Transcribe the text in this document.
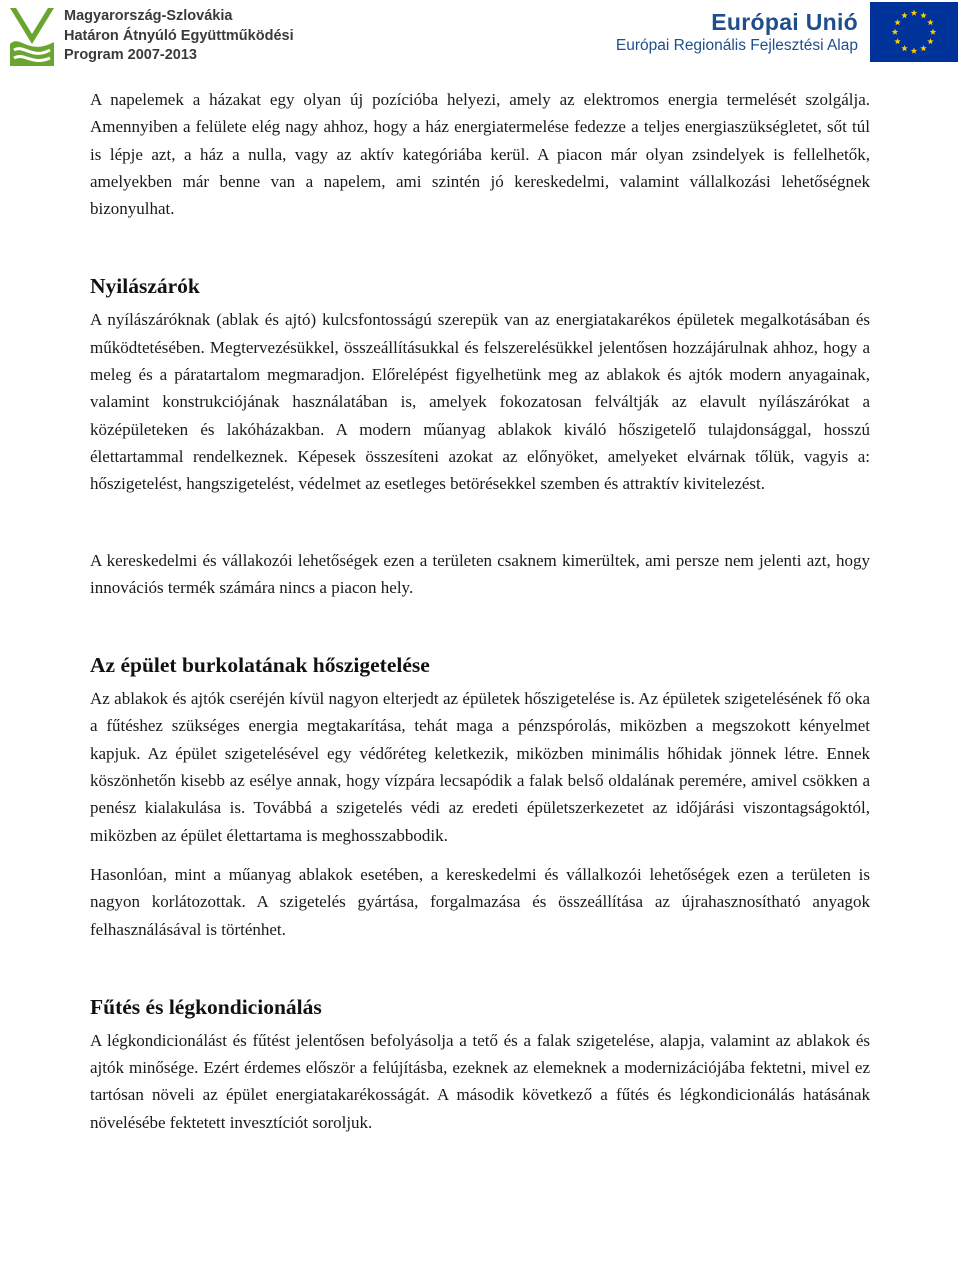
Magyarország-Szlovákia
Határon Átnyúló Együttműködési
Program 2007-2013
Európai Unió
Európai Regionális Fejlesztési Alap

A napelemek a házakat egy olyan új pozícióba helyezi, amely az elektromos energia termelését szolgálja. Amennyiben a felülete elég nagy ahhoz, hogy a ház energiatermelése fedezze a teljes energiaszükségletet, sőt túl is lépje azt, a ház a nulla, vagy az aktív kategóriába kerül. A piacon már olyan zsindelyek is fellelhetők, amelyekben már benne van a napelem, ami szintén jó kereskedelmi, valamint vállalkozási lehetőségnek bizonyulhat.

Nyilászárók

A nyílászáróknak (ablak és ajtó) kulcsfontosságú szerepük van az energiatakarékos épületek megalkotásában és működtetésében. Megtervezésükkel, összeállításukkal és felszerelésükkel jelentősen hozzájárulnak ahhoz, hogy a meleg és a páratartalom megmaradjon. Előrelépést figyelhetünk meg az ablakok és ajtók modern anyagainak, valamint konstrukciójának használatában is, amelyek fokozatosan felváltják az elavult nyílászárókat a középületeken és lakóházakban. A modern műanyag ablakok kiváló hőszigetelő tulajdonsággal, hosszú élettartammal rendelkeznek. Képesek összesíteni azokat az előnyöket, amelyeket elvárnak tőlük, vagyis a: hőszigetelést, hangszigetelést, védelmet az esetleges betörésekkel szemben és attraktív kivitelezést.

A kereskedelmi és vállakozói lehetőségek ezen a területen csaknem kimerültek, ami persze nem jelenti azt, hogy innovációs termék számára nincs a piacon hely.

Az épület burkolatának hőszigetelése

Az ablakok és ajtók cseréjén kívül nagyon elterjedt az épületek hőszigetelése is. Az épületek szigetelésének fő oka a fűtéshez szükséges energia megtakarítása, tehát maga a pénzspórolás, miközben a megszokott kényelmet kapjuk. Az épület szigetelésével egy védőréteg keletkezik, miközben minimális hőhidak jönnek létre. Ennek köszönhetőn kisebb az esélye annak, hogy vízpára lecsapódik a falak belső oldalának peremére, amivel csökken a penész kialakulása is. Továbbá a szigetelés védi az eredeti épületszerkezetet az időjárási viszontagságoktól, miközben az épület élettartama is meghosszabbodik.

Hasonlóan, mint a műanyag ablakok esetében, a kereskedelmi és vállalkozói lehetőségek ezen a területen is nagyon korlátozottak. A szigetelés gyártása, forgalmazása és összeállítása az újrahasznosítható anyagok felhasználásával is történhet.

Fűtés és légkondicionálás

A légkondicionálást és fűtést jelentősen befolyásolja a tető és a falak szigetelése, alapja, valamint az ablakok és ajtók minősége. Ezért érdemes először a felújításba, ezeknek az elemeknek a modernizációjába fektetni, mivel ez tartósan növeli az épület energiatakarékosságát. A második következő a fűtés és légkondicionálás hatásának növelésébe fektetett invesztíciót soroljuk.
